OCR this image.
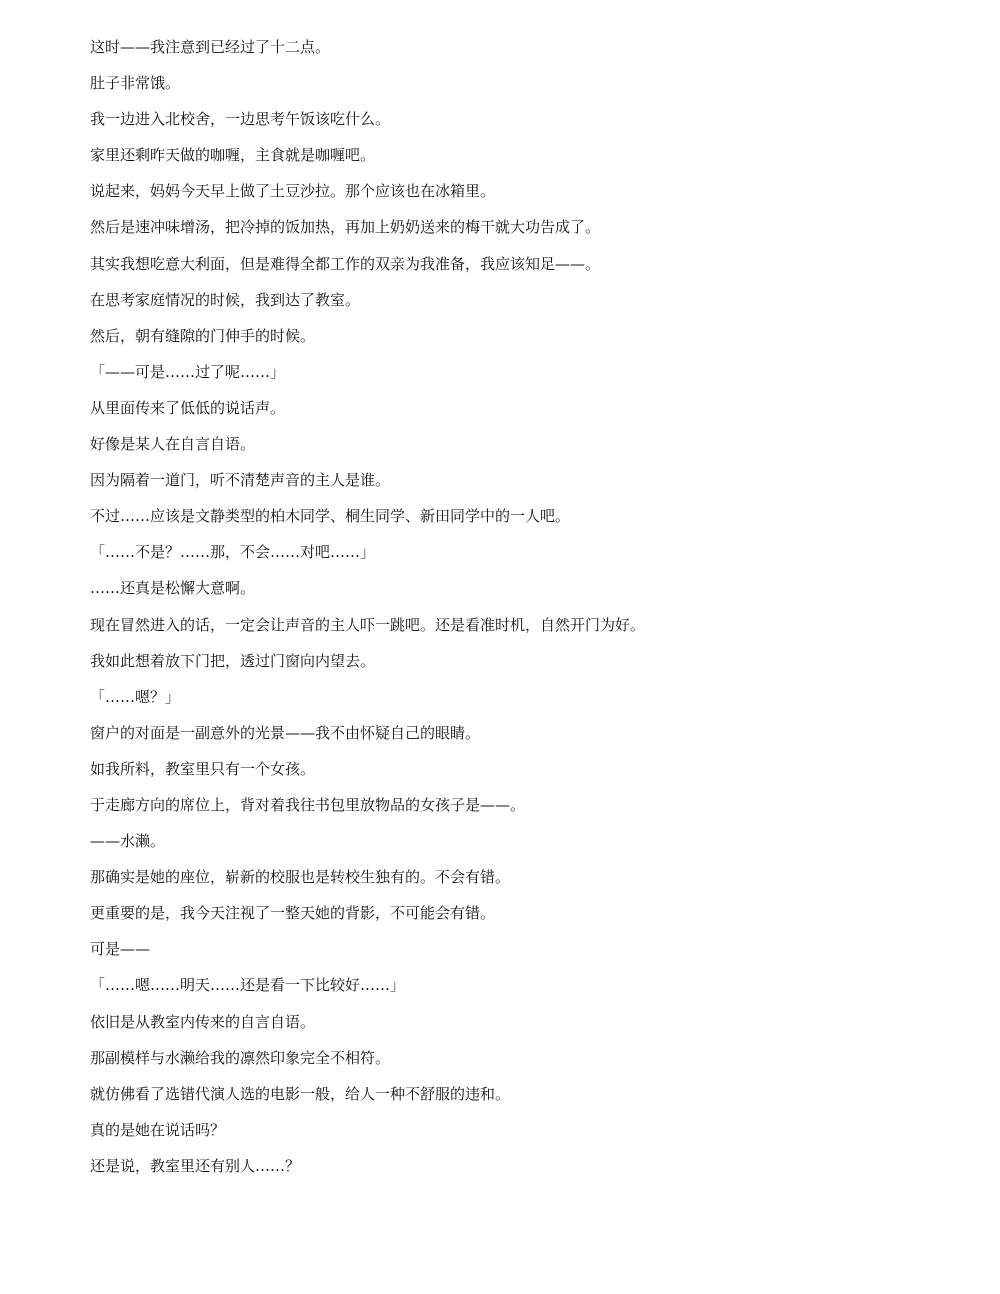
这时——我注意到已经过了十二点。
肚子非常饿。
我一边进入北校舍，一边思考午饭该吃什么。
家里还剩昨天做的咖喱，主食就是咖喱吧。
说起来，妈妈今天早上做了土豆沙拉。那个应该也在冰箱里。
然后是速冲味增汤，把冷掉的饭加热，再加上奶奶送来的梅干就大功告成了。
其实我想吃意大利面，但是难得全都工作的双亲为我准备，我应该知足——。
在思考家庭情况的时候，我到达了教室。
然后，朝有缝隙的门伸手的时候。
「——可是……过了呢……」
从里面传来了低低的说话声。
好像是某人在自言自语。
因为隔着一道门，听不清楚声音的主人是谁。
不过……应该是文静类型的柏木同学、桐生同学、新田同学中的一人吧。
「……不是？……那，不会……对吧……」
……还真是松懈大意啊。
现在冒然进入的话，一定会让声音的主人吓一跳吧。还是看准时机，自然开门为好。
我如此想着放下门把，透过门窗向内望去。
「……嗯？」
窗户的对面是一副意外的光景——我不由怀疑自己的眼睛。
如我所料，教室里只有一个女孩。
于走廊方向的席位上，背对着我往书包里放物品的女孩子是——。
——水濑。
那确实是她的座位，崭新的校服也是转校生独有的。不会有错。
更重要的是，我今天注视了一整天她的背影，不可能会有错。
可是——
「……嗯……明天……还是看一下比较好……」
依旧是从教室内传来的自言自语。
那副模样与水濑给我的凛然印象完全不相符。
就仿佛看了选错代演人选的电影一般，给人一种不舒服的违和。
真的是她在说话吗？
还是说，教室里还有别人……？
